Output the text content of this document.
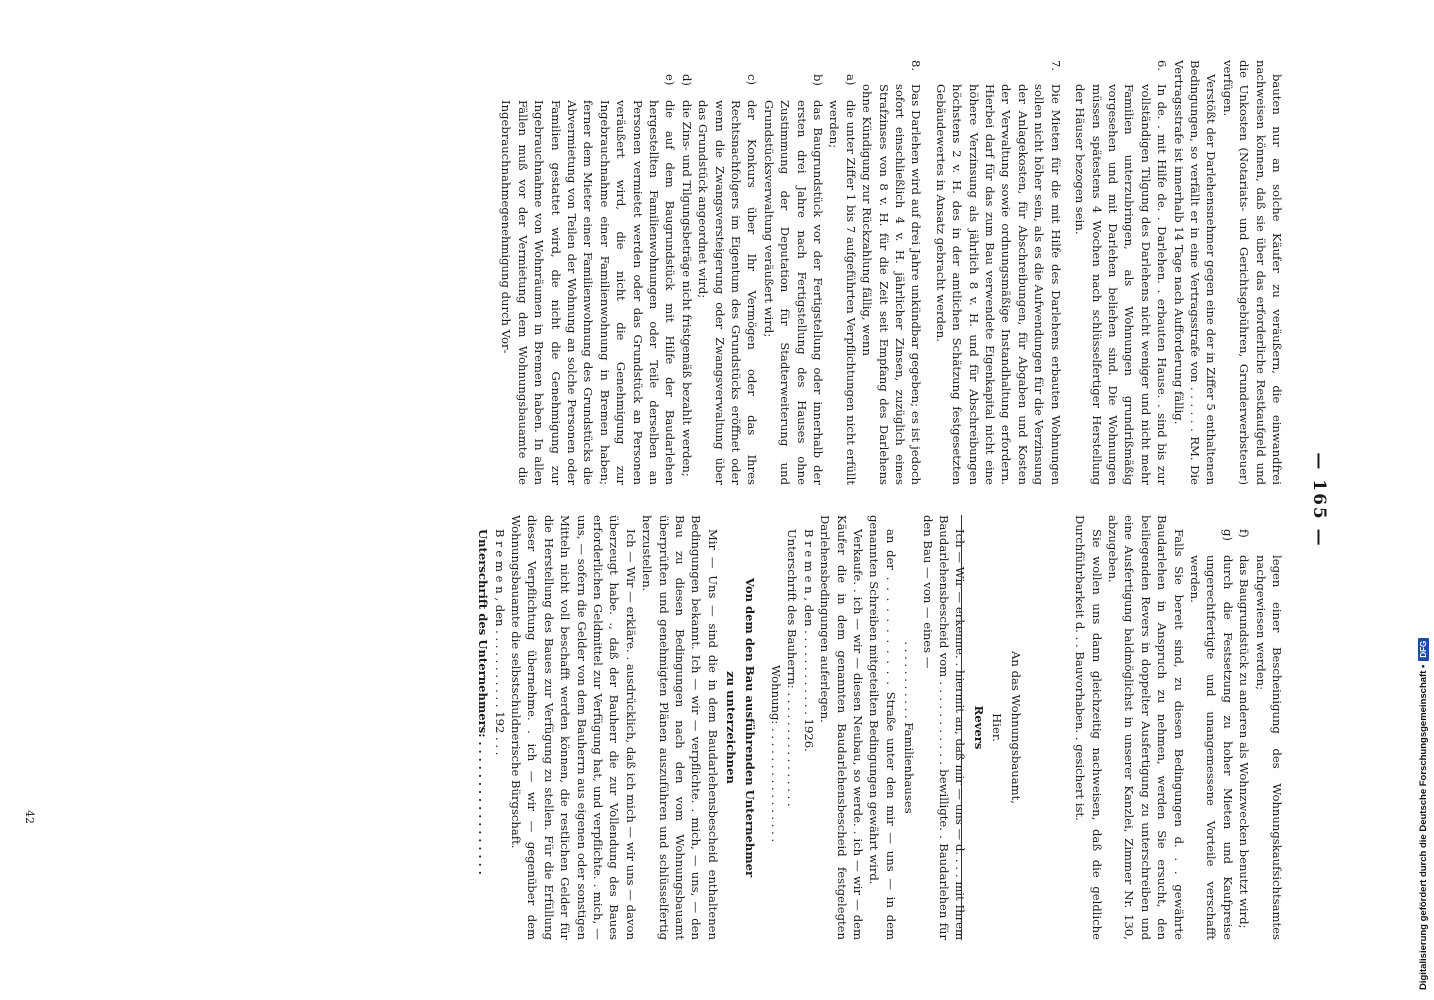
— 165 —

bauten nur an solche Käufer zu veräußern, die einwandfrei nachweisen können, daß sie über das erforderliche Restkaufgeld und die Unkosten (Notariats- und Gerichtsgebühren, Grunderwerbsteuer) verfügen.

Verstößt der Darlehensnehmer gegen eine der in Ziffer 5 enthaltenen Bedingungen, so verfällt er in eine Vertragsstrafe von . . . . . . RM. Die Vertragsstrafe ist innerhalb 14 Tage nach Aufforderung fällig.

6.
In de. . mit Hilfe de. . Darlehen. . erbauten Hause. . sind bis zur vollständigen Tilgung des Darlehens nicht weniger und nicht mehr Familien unterzubringen, als Wohnungen grundrißmäßig vorgesehen und mit Darlehen beliehen sind. Die Wohnungen müssen spätestens 4 Wochen nach schlüsselfertiger Herstellung der Häuser bezogen sein.
7.
Die Mieten für die mit Hilfe des Darlehens erbauten Wohnungen sollen nicht höher sein, als es die Aufwendungen für die Verzinsung der Anlagekosten, für Abschreibungen, für Abgaben und Kosten der Verwaltung sowie ordnungsmäßige Instandhaltung erfordern. Hierbei darf für das zum Bau verwendete Eigenkapital nicht eine höhere Verzinsung als jährlich 8 v. H. und für Abschreibungen höchstens 2 v. H. des in der amtlichen Schätzung festgesetzten Gebäudewertes in Ansatz gebracht werden.
8.
Das Darlehen wird auf drei Jahre unkündbar gegeben; es ist jedoch sofort einschließlich 4 v. H. jährlicher Zinsen, zuzüglich eines Strafzinses von 8 v. H. für die Zeit seit Empfang des Darlehens ohne Kündigung zur Rückzahlung fällig, wenn
a)
die unter Ziffer 1 bis 7 aufgeführten Verpflichtungen nicht erfüllt werden;
b)
das Baugrundstück vor der Fertigstellung oder innerhalb der ersten drei Jahre nach Fertigstellung des Hauses ohne Zustimmung der Deputation für Stadterweiterung und Grundstücksverwaltung veräußert wird;
c)
der Konkurs über Ihr Vermögen oder das Ihres Rechtsnachfolgers im Eigentum des Grundstücks eröffnet oder wenn die Zwangsversteigerung oder Zwangsverwaltung über das Grundstück angeordnet wird;
d)
die Zins- und Tilgungsbeträge nicht fristgemäß bezahlt werden;
e)
die auf dem Baugrundstück mit Hilfe der Baudarlehen hergestellten Familienwohnungen oder Teile derselben an Personen vermietet werden oder das Grundstück an Personen veräußert wird, die nicht die Genehmigung zur Ingebrauchnahme einer Familienwohnung in Bremen haben; ferner dem Mieter einer Familienwohnung des Grundstücks die Abvermietung von Teilen der Wohnung an solche Personen oder Familien gestattet wird, die nicht die Genehmigung zur Ingebrauchnahme von Wohnräumen in Bremen haben. In allen Fällen muß vor der Vermietung dem Wohnungsbauamte die Ingebrauchnahmegenehmigung durch Vor-
legen einer Bescheinigung des Wohnungskaufsichtsamtes nachgewiesen werden;
f)
das Baugrundstück zu anderen als Wohnzwecken benutzt wird;
g)
durch die Festsetzung zu hoher Mieten und Kaufpreise ungerechtfertigte und unangemessene Vorteile verschafft werden.

Falls Sie bereit sind, zu diesen Bedingungen d. . . gewährte Baudarlehen in Anspruch zu nehmen, werden Sie ersucht, den beiliegenden Revers in doppelter Ausfertigung zu unterschreiben und eine Ausfertigung baldmöglichst in unserer Kanzlei, Zimmer Nr. 130, abzugeben.

Sie wollen uns dann gleichzeitig nachweisen, daß die geldliche Durchführbarkeit d. . . Bauvorhaben. . gesichert ist.

An das Wohnungsbauamt,

Hier.

Revers

Ich — Wir — erkenne. . hiermit an, daß mir — uns — d. . . . mit Ihrem Baudarlehensbescheid vom . . . . . . . . . . . bewilligte. . Baudarlehen für den Bau — von — eines —

. . . . . . . . . . . Familienhauses

an der . . . . . . . . . . . Straße unter den mir — uns — in dem genannten Schreiben mitgeteilten Bedingungen gewährt wird.

Verkaufe. . ich — wir — diesen Neubau, so werde. . ich — wir — dem Käufer die in dem genannten Baudarlehensbescheid festgelegten Darlehensbedingungen auferlegen.

B r e m e n , den . . . . . . . . . . . . 1926.

Unterschrift des Bauherrn: . . . . . . . . . . . . . . . .

Wohnung: . . . . . . . . . . . . . . . .

Von dem den Bau ausführenden Unternehmer

zu unterzeichnen

Mir — Uns — sind die in dem Baudarlehensbescheid enthaltenen Bedingungen bekannt. Ich — wir — verpflichte. . mich, — uns, — den Bau zu diesen Bedingungen nach den vom Wohnungsbauamt überprüften und genehmigten Plänen auszuführen und schlüsselfertig herzustellen.

Ich — Wir — erkläre. . ausdrücklich, daß ich mich — wir uns — davon überzeugt habe. ., daß der Bauherr die zur Vollendung des Baues erforderlichen Geldmittel zur Verfügung hat, und verpflichte. . mich, — uns, — sofern die Gelder von dem Bauherrn aus eigenen oder sonstigen Mitteln nicht voll beschafft werden können, die restlichen Gelder für die Herstellung des Baues zur Verfügung zu stellen. Für die Erfüllung dieser Verpflichtung übernehme. . ich — wir — gegenüber dem Wohnungsbauamte die selbstschuldnerische Bürgschaft.

B r e m e n , den . . . . . . . . . . . 192 . . .

Unterschrift des Unternehmers: . . . . . . . . . . . . . . . . .

42	Digitalisierung gefördert durch die Deutsche Forschungsgemeinschaft •DFG
